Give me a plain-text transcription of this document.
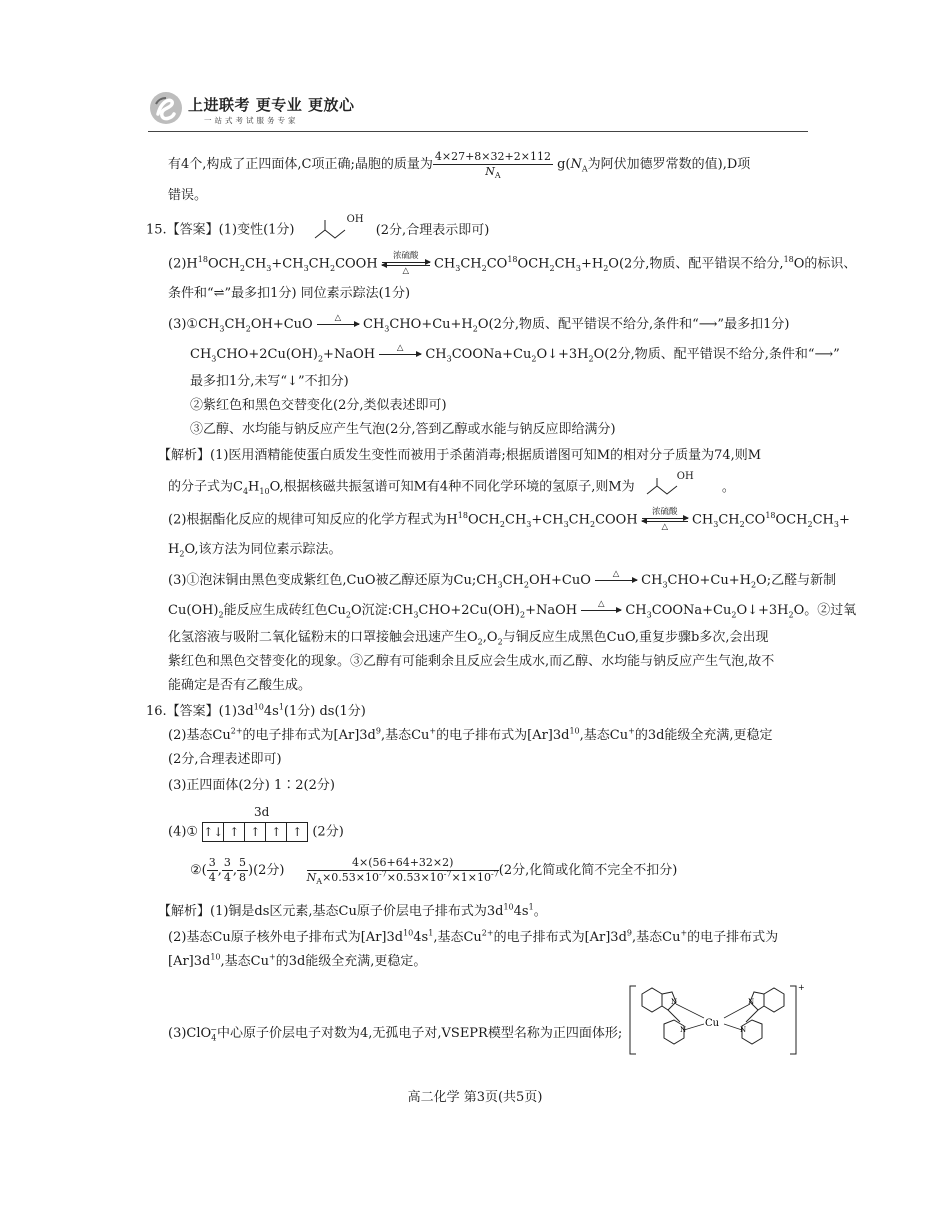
上进联考 更专业 更放心
一站式考试服务专家
有4个,构成了正四面体,C项正确;晶胞的质量为 $\frac{4\times 27+8\times 32+2\times 112}{N_A} g(N_A$为阿伏加德罗常数的值),D项
错误。
15.【答案】(1)变性(1分) $^{OH}$ (2分,合理表示即可)
$(2)H^{18}OCH_2CH_3+CH_3CH_2COOH$
浓硫酸
△	$CH_3CH_2CO^{18}OCH_2CH_3+H_2O(2$分,物质、配平错误不给分,$^{18}$O的标识、
条件和“⇌”最多扣1分) 同位素示踪法(1分)
$(3)①CH_3CH_2OH+CuO$	△
	$CH_3CHO+Cu+H_2O(2$分,物质、配平错误不给分,条件和“⟶”最多扣1分)
$CH_3CHO+2Cu(OH)_2+NaOH$	△
	$CH_3COONa+Cu_2O↓+3H_2O(2$分,物质、配平错误不给分,条件和“⟶”
最多扣1分,未写“↓”不扣分)
②紫红色和黑色交替变化(2分,类似表述即可)
③乙醇、水均能与钠反应产生气泡(2分,答到乙醇或水能与钠反应即给满分)
【解析】(1)医用酒精能使蛋白质发生变性而被用于杀菌消毒;根据质谱图可知M的相对分子质量为74,则M
的分子式为$C_4H_{10}O$,根据核磁共振氢谱可知M有4种不同化学环境的氢原子,则M为 $^{OH}$ 。
(2)根据酯化反应的规律可知反应的化学方程式为$H^{18}OCH_2CH_3+CH_3CH_2COOH$
浓硫酸
△	$CH_3CH_2CO^{18}OCH_2CH_3+$
$H_2O$,该方法为同位素示踪法。
(3)①泡沫铜由黑色变成紫红色,CuO被乙醇还原为$Cu;CH_3CH_2OH+CuO$	△
	$CH_3CHO+Cu+H_2O$;乙醛与新制
$Cu(OH)_2$能反应生成砖红色$Cu_2O$沉淀$:CH_3CHO+2Cu(OH)_2+NaOH$	△
	$CH_3COONa+Cu_2O↓+3H_2O$。②过氧
化氢溶液与吸附二氧化锰粉末的口罩接触会迅速产生$O_2,O_2$与铜反应生成黑色CuO,重复步骤b多次,会出现
紫红色和黑色交替变化的现象。③乙醇有可能剩余且反应会生成水,而乙醇、水均能与钠反应产生气泡,故不
能确定是否有乙酸生成。
16.【答案】$(1)3d^{10}4s^1(1$分) ds(1分)
(2)基态$Cu^{2+}$的电子排布式为$[Ar]3d^9$,基态Cu+的电子排布式为$[Ar]3d^{10}$,基态Cu+的3d能级全充满,更稳定
(2分,合理表述即可)
(3)正四面体(2分) 1∶2(2分)
3d
(4)① ↑↓ ↑ ↑ ↑ ↑ (2分)
②( $\frac{3}{4}$ , $\frac{3}{4}$ , $\frac{5}{8} )(2$分) $\frac{4\times(56+64+32\times 2)}{N_A\times 0.53\times 10^{-7}\times 0.53\times 10^{-7}\times 1\times 10^{-7}} (2$分,化简或化简不完全不扣分)
【解析】(1)铜是ds区元素,基态Cu原子价层电子排布式为$3d^{10}4s^1$。
(2)基态Cu原子核外电子排布式为$[Ar]3d^{10}4s^1$,基态$Cu^{2+}$的电子排布式为$[Ar]3d^9$,基态Cu+的电子排布式为
$[Ar]3d^{10}$,基态Cu+的3d能级全充满,更稳定。
(3)ClO$_4$−中心原子价层电子对数为4,无孤电子对,VSEPR模型名称为正四面体形;
Cu
N
N
N
N
+
高二化学 第3页(共5页)
